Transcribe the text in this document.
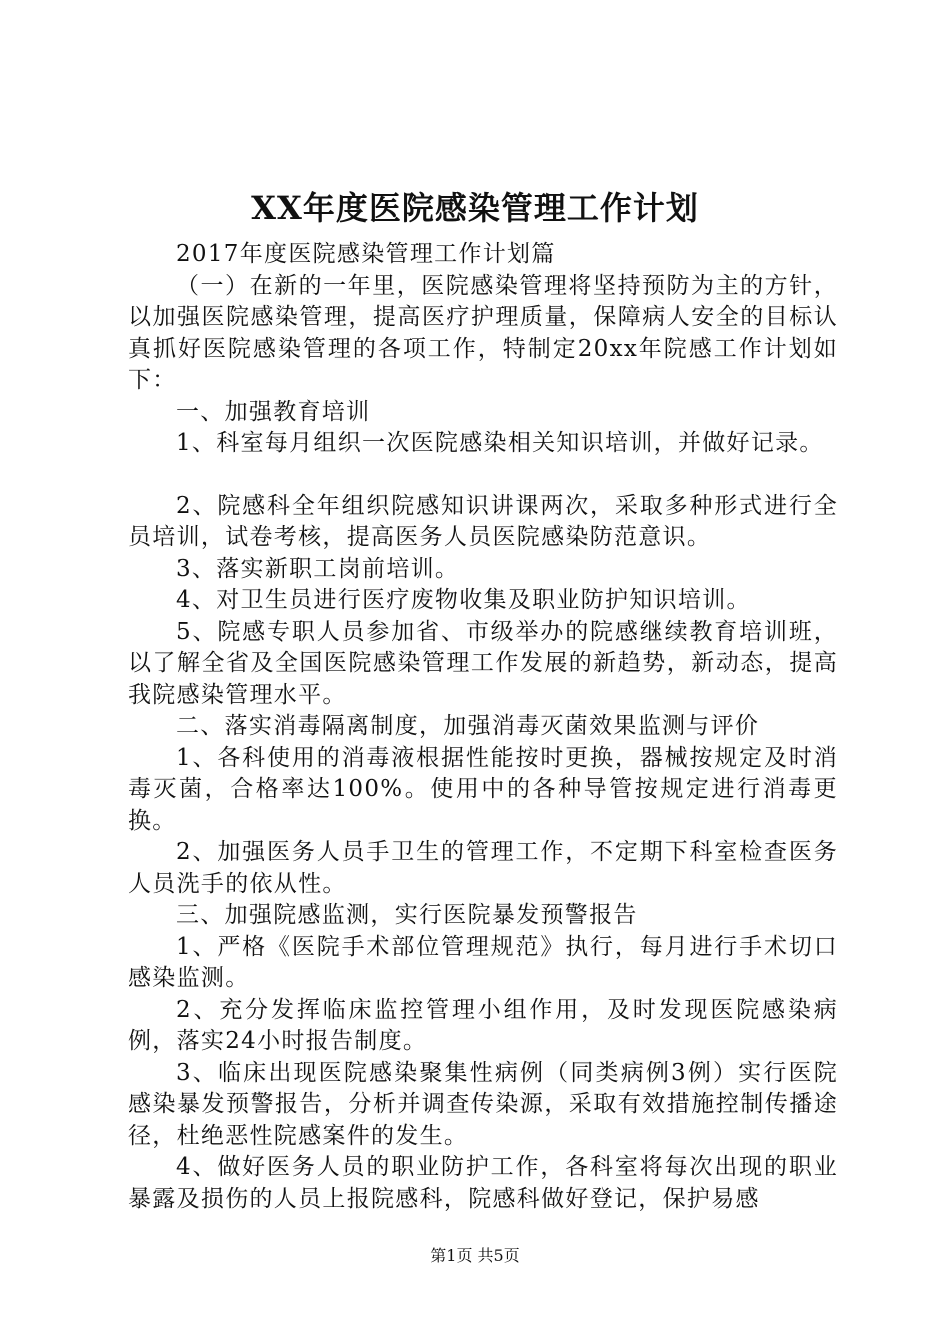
XX年度医院感染管理工作计划

2017年度医院感染管理工作计划篇

（一）在新的一年里，医院感染管理将坚持预防为主的方针，以加强医院感染管理，提高医疗护理质量，保障病人安全的目标认真抓好医院感染管理的各项工作，特制定20xx年院感工作计划如下：

一、加强教育培训

1、科室每月组织一次医院感染相关知识培训，并做好记录。

2、院感科全年组织院感知识讲课两次，采取多种形式进行全员培训，试卷考核，提高医务人员医院感染防范意识。

3、落实新职工岗前培训。

4、对卫生员进行医疗废物收集及职业防护知识培训。

5、院感专职人员参加省、市级举办的院感继续教育培训班，以了解全省及全国医院感染管理工作发展的新趋势，新动态，提高我院感染管理水平。

二、落实消毒隔离制度，加强消毒灭菌效果监测与评价

1、各科使用的消毒液根据性能按时更换，器械按规定及时消毒灭菌，合格率达100%。使用中的各种导管按规定进行消毒更换。

2、加强医务人员手卫生的管理工作，不定期下科室检查医务人员洗手的依从性。

三、加强院感监测，实行医院暴发预警报告

1、严格《医院手术部位管理规范》执行，每月进行手术切口感染监测。

2、充分发挥临床监控管理小组作用，及时发现医院感染病例，落实24小时报告制度。

3、临床出现医院感染聚集性病例（同类病例3例）实行医院感染暴发预警报告，分析并调查传染源，采取有效措施控制传播途径，杜绝恶性院感案件的发生。

4、做好医务人员的职业防护工作，各科室将每次出现的职业暴露及损伤的人员上报院感科，院感科做好登记，保护易感

第1页 共5页
